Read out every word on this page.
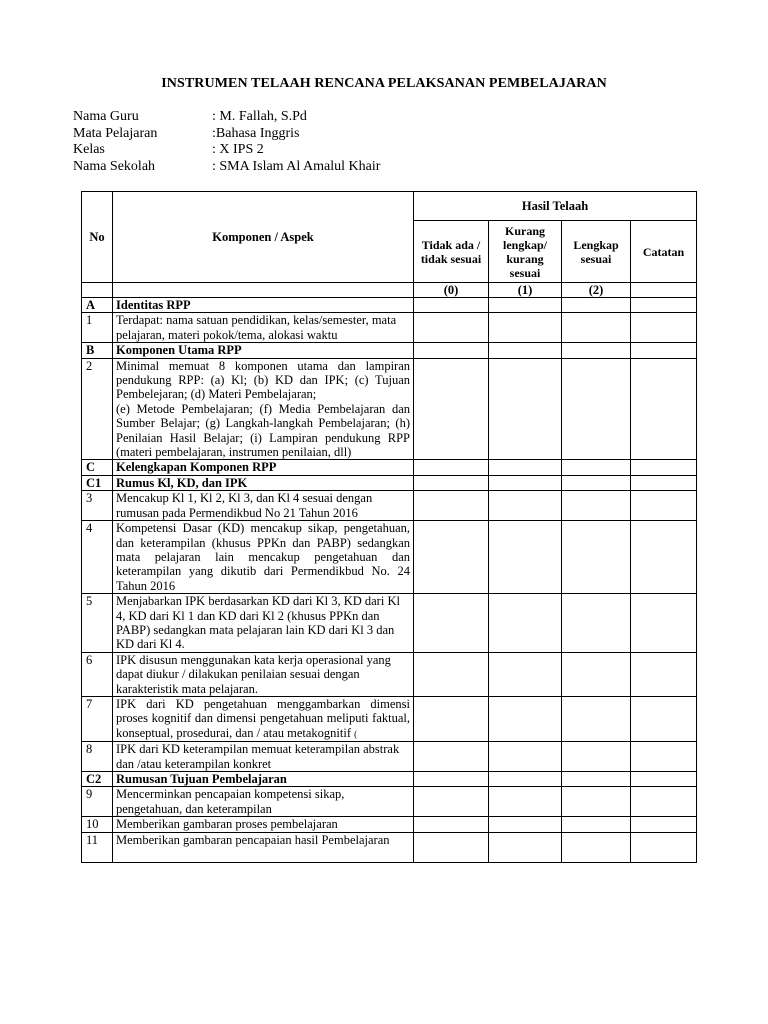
INSTRUMEN TELAAH RENCANA PELAKSANAN PEMBELAJARAN
Nama Guru	: M. Fallah, S.Pd
Mata Pelajaran	:Bahasa Inggris
Kelas	: X IPS 2
Nama Sekolah	: SMA Islam Al Amalul Khair
No	Komponen / Aspek	Hasil Telaah			
		Tidak ada / tidak sesuai	Kurang lengkap/ kurang sesuai	Lengkap sesuai	Catatan
		(0)	(1)	(2)	
A	Identitas RPP				
1	Terdapat: nama satuan pendidikan, kelas/semester, mata pelajaran, materi pokok/tema, alokasi waktu				
B	Komponen Utama RPP				
2	Minimal memuat 8 komponen utama dan lampiran pendukung RPP: (a) Kl; (b) KD dan IPK; (c) Tujuan Pembelejaran; (d) Materi Pembelajaran;
(e) Metode Pembelajaran; (f) Media Pembelajaran dan Sumber Belajar; (g) Langkah-langkah Pembelajaran; (h) Penilaian Hasil Belajar; (i) Lampiran pendukung RPP (materi pembelajaran, instrumen penilaian, dll)				

C	Kelengkapan Komponen RPP				
C1	Rumus Kl, KD, dan IPK				
3	Mencakup Kl 1, Kl 2, Kl 3, dan Kl 4 sesuai dengan rumusan pada Permendikbud No 21 Tahun 2016				
4	Kompetensi Dasar (KD) mencakup sikap, pengetahuan, dan keterampilan (khusus PPKn dan PABP) sedangkan mata pelajaran lain mencakup pengetahuan dan keterampilan yang dikutib dari Permendikbud No. 24 Tahun 2016				
5	Menjabarkan IPK berdasarkan KD dari Kl 3, KD dari Kl 4, KD dari Kl 1 dan KD dari Kl 2 (khusus PPKn dan PABP) sedangkan mata pelajaran lain KD dari Kl 3 dan KD dari Kl 4.				
6	IPK disusun menggunakan kata kerja operasional yang dapat diukur / dilakukan penilaian sesuai dengan karakteristik mata pelajaran.				
7	IPK dari KD pengetahuan menggambarkan dimensi proses kognitif dan dimensi pengetahuan meliputi faktual, konseptual, prosedurai, dan / atau metakognitif (				
8	IPK dari KD keterampilan memuat keterampilan abstrak dan /atau keterampilan konkret				
C2	Rumusan Tujuan Pembelajaran				
9	Mencerminkan pencapaian kompetensi sikap, pengetahuan, dan keterampilan				
10	Memberikan gambaran proses pembelajaran				
11	Memberikan gambaran pencapaian hasil Pembelajaran				
